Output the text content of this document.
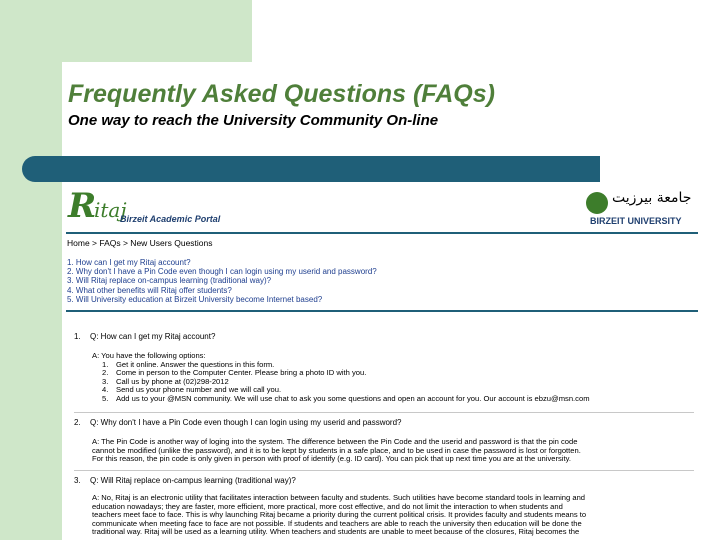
Frequently Asked Questions (FAQs)
One way to reach the University Community On-line
R
itaj
Birzeit Academic Portal
جامعة بيرزيت
BIRZEIT UNIVERSITY
Home > FAQs > New Users Questions
1. How can I get my Ritaj account?
2. Why don't I have a Pin Code even though I can login using my userid and password?
3. Will Ritaj replace on-campus learning (traditional way)?
4. What other benefits will Ritaj offer students?
5. Will University education at Birzeit University become Internet based?
1. Q: How can I get my Ritaj account?
A: You have the following options:
1. Get it online. Answer the questions in this form.
2. Come in person to the Computer Center. Please bring a photo ID with you.
3. Call us by phone at (02)298-2012
4. Send us your phone number and we will call you.
5. Add us to your @MSN community. We will use chat to ask you some questions and open an account for you. Our account is ebzu@msn.com
2. Q: Why don't I have a Pin Code even though I can login using my userid and password?
A: The Pin Code is another way of loging into the system. The difference between the Pin Code and the userid and password is that the pin code
cannot be modified (unlike the password), and it is to be kept by students in a safe place, and to be used in case the password is lost or forgotten.
For this reason, the pin code is only given in person with proof of identify (e.g. ID card). You can pick that up next time you are at the university.
3. Q: Will Ritaj replace on-campus learning (traditional way)?
A: No, Ritaj is an electronic utility that facilitates interaction between faculty and students. Such utilities have become standard tools in learning and
education nowadays; they are faster, more efficient, more practical, more cost effective, and do not limit the interaction to when students and
teachers meet face to face. This is why launching Ritaj became a priority during the current political crisis. It provides faculty and students means to
communicate when meeting face to face are not possible. If students and teachers are able to reach the university then education will be done the
traditional way. Ritaj will be used as a learning utility. When teachers and students are unable to meet because of the closures, Ritaj becomes the
